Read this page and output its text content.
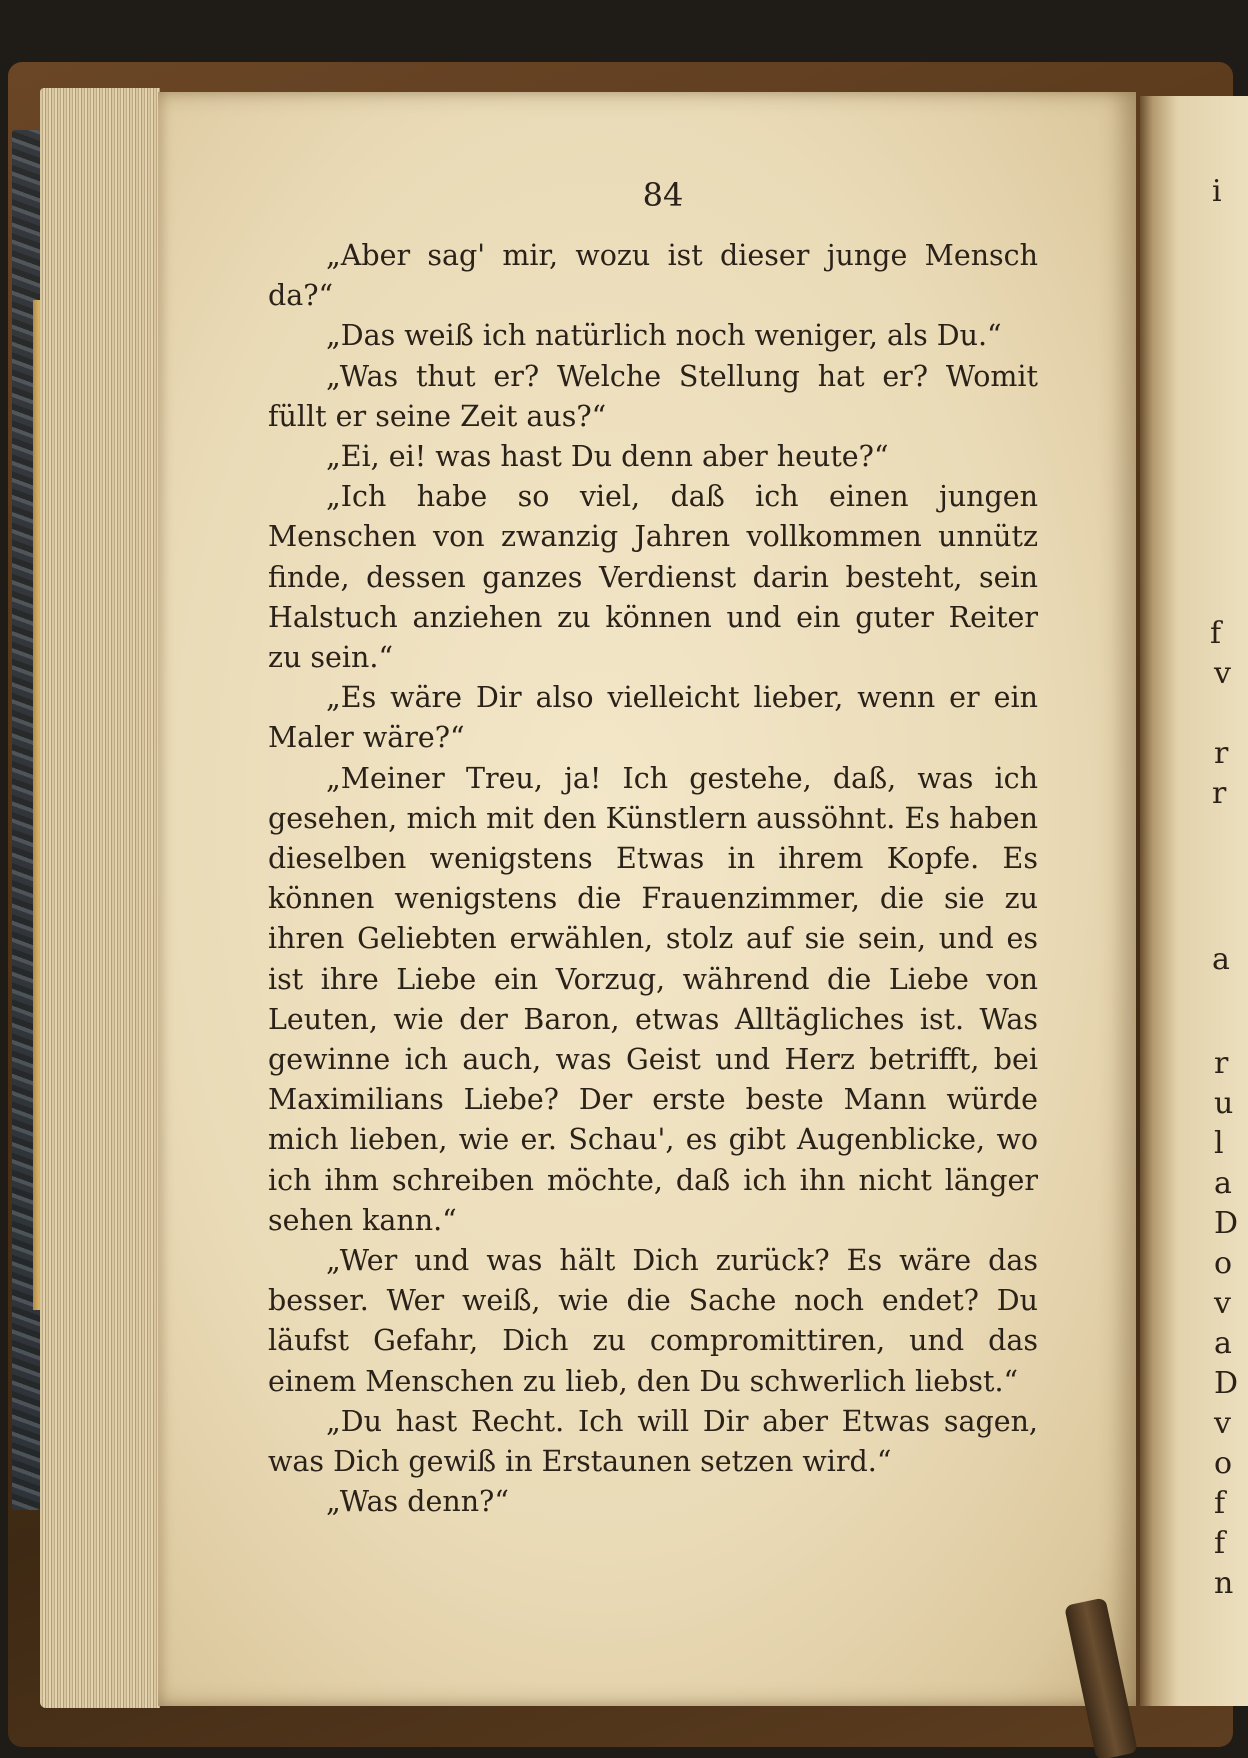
i
f
v
r
r
a
r
u
l
a
D
o
v
a
D
v
o
f
f
n
84

„Aber sag' mir, wozu ist dieser junge Mensch da?“

„Das weiß ich natürlich noch weniger, als Du.“

„Was thut er? Welche Stellung hat er? Womit füllt er seine Zeit aus?“

„Ei, ei! was hast Du denn aber heute?“

„Ich habe so viel, daß ich einen jungen Menschen von zwanzig Jahren vollkommen unnütz finde, dessen ganzes Verdienst darin besteht, sein Halstuch anziehen zu können und ein guter Reiter zu sein.“

„Es wäre Dir also vielleicht lieber, wenn er ein Maler wäre?“

„Meiner Treu, ja! Ich gestehe, daß, was ich gesehen, mich mit den Künstlern aussöhnt. Es haben dieselben wenigstens Etwas in ihrem Kopfe. Es können wenigstens die Frauenzimmer, die sie zu ihren Geliebten erwählen, stolz auf sie sein, und es ist ihre Liebe ein Vorzug, während die Liebe von Leuten, wie der Baron, etwas Alltägliches ist. Was gewinne ich auch, was Geist und Herz betrifft, bei Maximilians Liebe? Der erste beste Mann würde mich lieben, wie er. Schau', es gibt Augenblicke, wo ich ihm schreiben möchte, daß ich ihn nicht länger sehen kann.“

„Wer und was hält Dich zurück? Es wäre das besser. Wer weiß, wie die Sache noch endet? Du läufst Gefahr, Dich zu compromittiren, und das einem Menschen zu lieb, den Du schwerlich liebst.“

„Du hast Recht. Ich will Dir aber Etwas sagen, was Dich gewiß in Erstaunen setzen wird.“

„Was denn?“
